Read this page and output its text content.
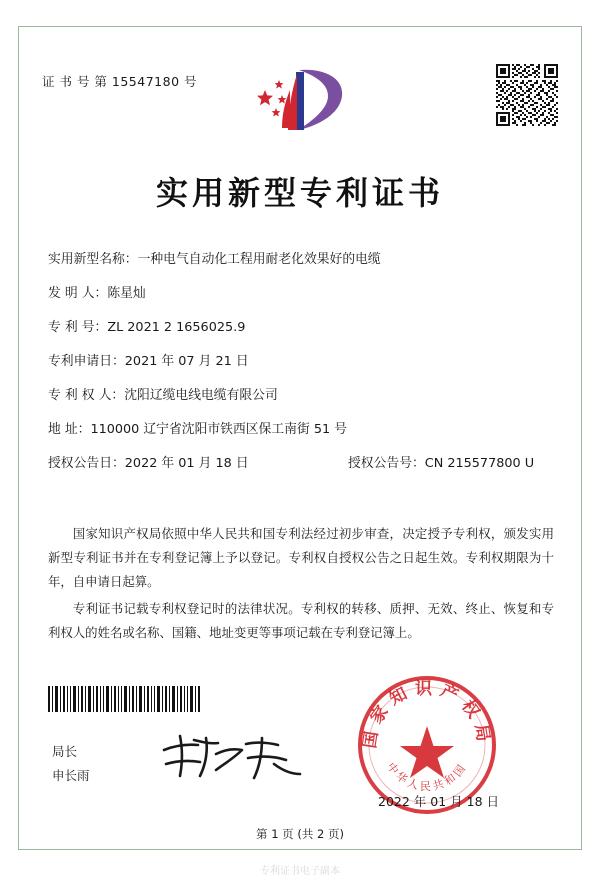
证 书 号 第 15547180 号
实用新型专利证书
实用新型名称：一种电气自动化工程用耐老化效果好的电缆
发 明 人：陈星灿
专 利 号：ZL 2021 2 1656025.9
专利申请日：2021 年 07 月 21 日
专 利 权 人：沈阳辽缆电线电缆有限公司
地 址：110000 辽宁省沈阳市铁西区保工南街 51 号
授权公告日：2022 年 01 月 18 日	授权公告号：CN 215577800 U

国家知识产权局依照中华人民共和国专利法经过初步审查，决定授予专利权，颁发实用新型专利证书并在专利登记簿上予以登记。专利权自授权公告之日起生效。专利权期限为十年，自申请日起算。

专利证书记载专利权登记时的法律状况。专利权的转移、质押、无效、终止、恢复和专利权人的姓名或名称、国籍、地址变更等事项记载在专利登记簿上。

国家知识产权局
中华人民共和国
局长
申长雨
2022 年 01 月 18 日
第 1 页 (共 2 页)
专利证书电子副本
